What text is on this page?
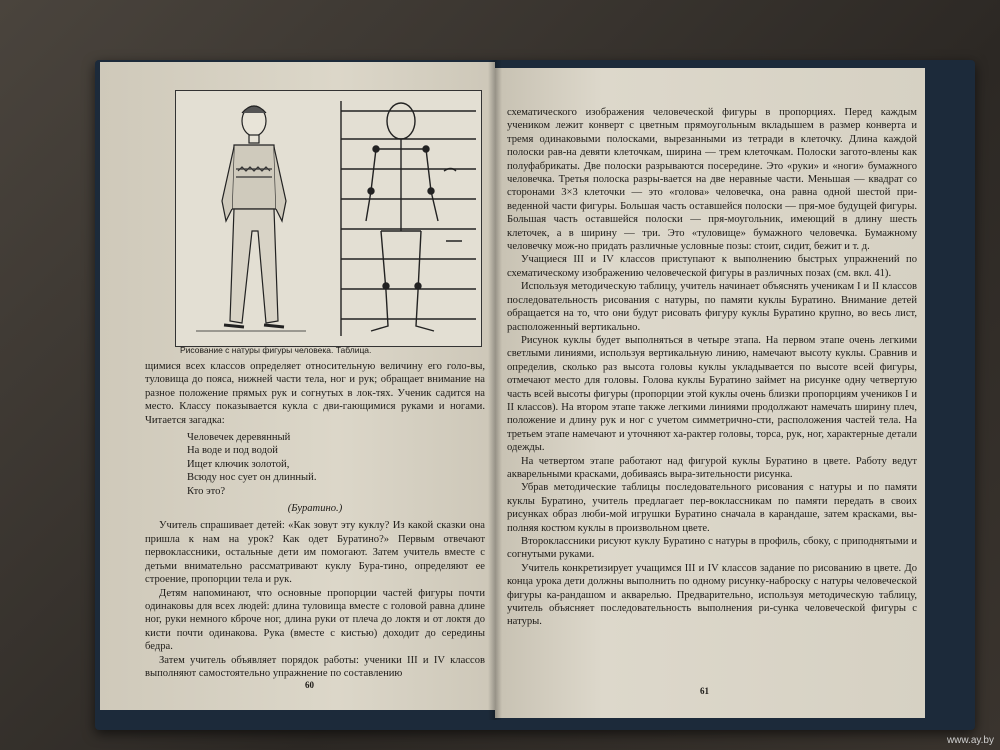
Рисование с натуры фигуры человека. Таблица.

щимися всех классов определяет относительную величину его голо-вы, туловища до пояса, нижней части тела, ног и рук; обращает внимание на разное положение прямых рук и согнутых в лок-тях. Ученик садится на место. Классу показывается кукла с дви-гающимися руками и ногами. Читается загадка:

Человечек деревянный
На воде и под водой
Ищет ключик золотой,
Всюду нос сует он длинный.
Кто это?
(Буратино.)

Учитель спрашивает детей: «Как зовут эту куклу? Из какой сказки она пришла к нам на урок? Как одет Буратино?» Первым отвечают первоклассники, остальные дети им помогают. Затем учитель вместе с детьми внимательно рассматривают куклу Бура-тино, определяют ее строение, пропорции тела и рук.

Детям напоминают, что основные пропорции частей фигуры почти одинаковы для всех людей: длина туловища вместе с головой равна длине ног, руки немного кброче ног, длина руки от плеча до локтя и от локтя до кисти почти одинакова. Рука (вместе с кистью) доходит до середины бедра.

Затем учитель объявляет порядок работы: ученики III и IV классов выполняют самостоятельно упражнение по составлению

60

схематического изображения человеческой фигуры в пропорциях. Перед каждым учеником лежит конверт с цветным прямоугольным вкладышем в размер конверта и тремя одинаковыми полосками, вырезанными из тетради в клеточку. Длина каждой полоски рав-на девяти клеточкам, ширина — трем клеточкам. Полоски загото-влены как полуфабрикаты. Две полоски разрываются посередине. Это «руки» и «ноги» бумажного человечка. Третья полоска разры-вается на две неравные части. Меньшая — квадрат со сторонами 3×3 клеточки — это «голова» человечка, она равна одной шестой при-веденной части фигуры. Большая часть оставшейся полоски — пря-мое будущей фигуры. Большая часть оставшейся полоски — пря-моугольник, имеющий в длину шесть клеточек, а в ширину — три. Это «туловище» бумажного человечка. Бумажному человечку мож-но придать различные условные позы: стоит, сидит, бежит и т. д.

Учащиеся III и IV классов приступают к выполнению быстрых упражнений по схематическому изображению человеческой фигуры в различных позах (см. вкл. 41).

Используя методическую таблицу, учитель начинает объяснять ученикам I и II классов последовательность рисования с натуры, по памяти куклы Буратино. Внимание детей обращается на то, что они будут рисовать фигуру куклы Буратино крупно, во весь лист, расположенный вертикально.

Рисунок куклы будет выполняться в четыре этапа. На первом этапе очень легкими светлыми линиями, используя вертикальную линию, намечают высоту куклы. Сравнив и определив, сколько раз высота головы куклы укладывается по высоте всей фигуры, отмечают место для головы. Голова куклы Буратино займет на рисунке одну четвертую часть всей высоты фигуры (пропорции этой куклы очень близки пропорциям учеников I и II классов). На втором этапе также легкими линиями продолжают намечать ширину плеч, положение и длину рук и ног с учетом симметрично-сти, расположения частей тела. На третьем этапе намечают и уточняют ха-рактер головы, торса, рук, ног, характерные детали одежды.

На четвертом этапе работают над фигурой куклы Буратино в цвете. Работу ведут акварельными красками, добиваясь выра-зительности рисунка.

Убрав методические таблицы последовательного рисования с натуры и по памяти куклы Буратино, учитель предлагает пер-вокласcникам по памяти передать в своих рисунках образ люби-мой игрушки Буратино сначала в карандаше, затем красками, вы-полняя костюм куклы в произвольном цвете.

Второклассники рисуют куклу Буратино с натуры в профиль, сбоку, с приподнятыми и согнутыми руками.

Учитель конкретизирует учащимся III и IV классов задание по рисованию в цвете. До конца урока дети должны выполнить по одному рисунку-наброску с натуры человеческой фигуры ка-рандашом и акварелью. Предварительно, используя методическую таблицу, учитель объясняет последовательность выполнения ри-сунка человеческой фигуры с натуры.

61
www.ay.by
